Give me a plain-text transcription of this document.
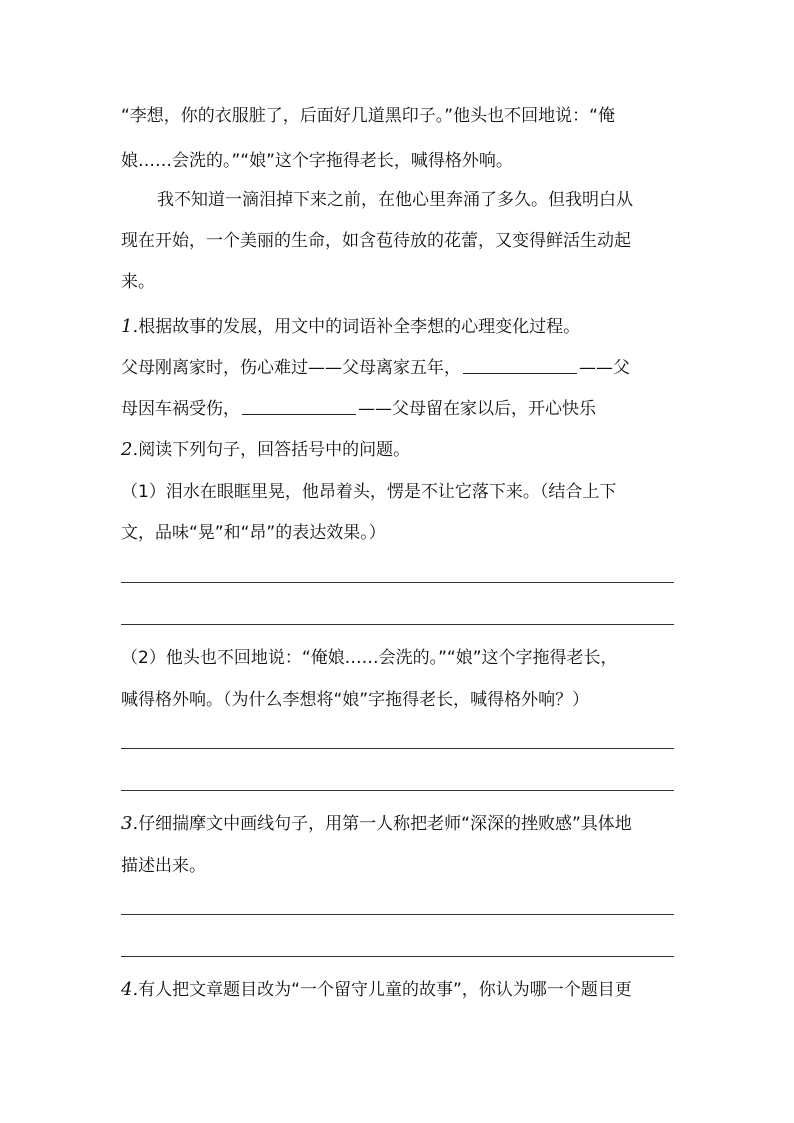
“李想，你的衣服脏了，后面好几道黑印子。”他头也不回地说：“俺
娘……会洗的。”“娘”这个字拖得老长，喊得格外响。
我不知道一滴泪掉下来之前，在他心里奔涌了多久。但我明白从
现在开始，一个美丽的生命，如含苞待放的花蕾，又变得鲜活生动起
来。
1.根据故事的发展，用文中的词语补全李想的心理变化过程。
父母刚离家时，伤心难过——父母离家五年，	——父
母因车祸受伤，	——父母留在家以后，开心快乐
2.阅读下列句子，回答括号中的问题。
（1）泪水在眼眶里晃，他昂着头，愣是不让它落下来。（结合上下
文，品味“晃”和“昂”的表达效果。）
（2）他头也不回地说：“俺娘……会洗的。”“娘”这个字拖得老长，
喊得格外响。（为什么李想将“娘”字拖得老长，喊得格外响？）
3.仔细揣摩文中画线句子，用第一人称把老师“深深的挫败感”具体地
描述出来。
4.有人把文章题目改为“一个留守儿童的故事”，你认为哪一个题目更
